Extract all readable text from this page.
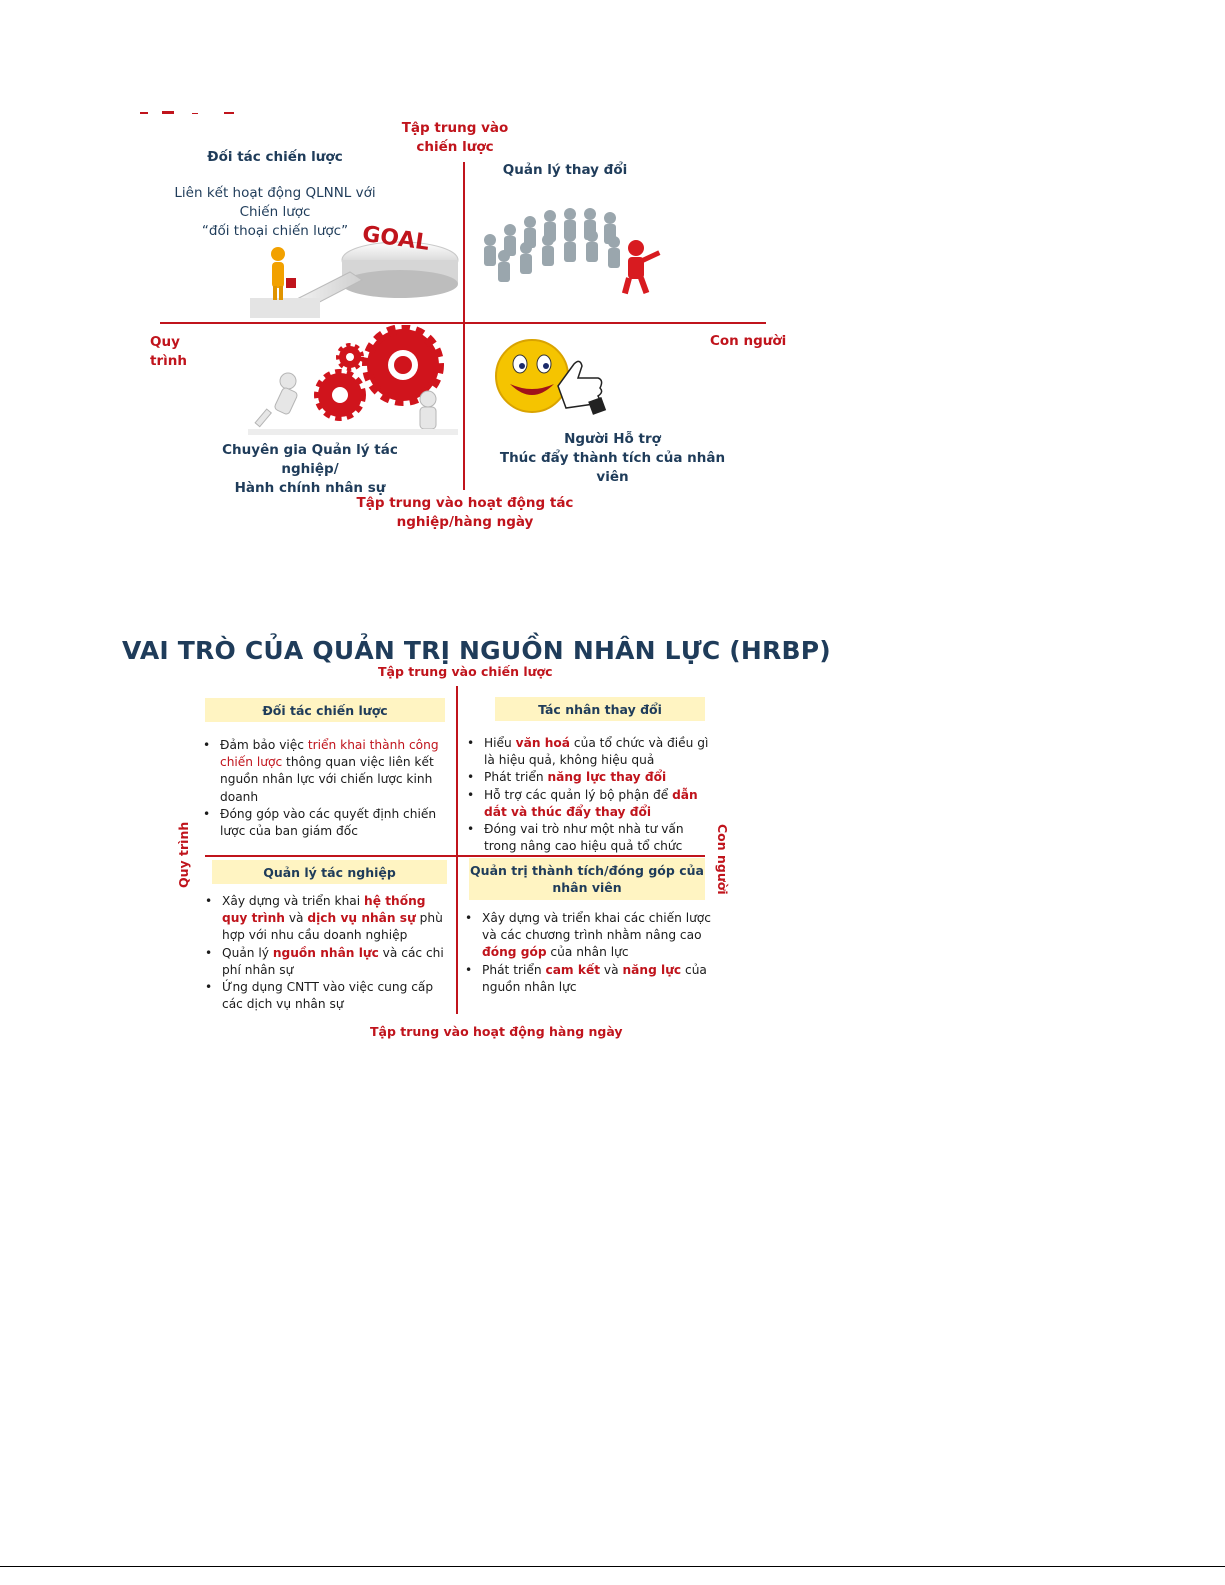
Tập trung vào
chiến lược
Đối tác chiến lược
Quản lý thay đổi
Liên kết hoạt động QLNNL với
Chiến lược
“đối thoại chiến lược” GOAL
Quy trình
Con người
Chuyên gia Quản lý tác nghiệp/
Hành chính nhân sự
Người Hỗ trợ
Thúc đẩy thành tích của nhân viên
Tập trung vào hoạt động tác
nghiệp/hàng ngày
VAI TRÒ CỦA QUẢN TRỊ NGUỒN NHÂN LỰC (HRBP)
Tập trung vào chiến lược
Quy trình	Con người
Đối tác chiến lược
• Đảm bảo việc triển khai thành công chiến lược thông quan việc liên kết nguồn nhân lực với chiến lược kinh doanh
• Đóng góp vào các quyết định chiến lược của ban giám đốc
Tác nhân thay đổi
• Hiểu văn hoá của tổ chức và điều gì là hiệu quả, không hiệu quả
• Phát triển năng lực thay đổi
• Hỗ trợ các quản lý bộ phận để dẫn dắt và thúc đẩy thay đổi
• Đóng vai trò như một nhà tư vấn trong nâng cao hiệu quả tổ chức
Quản lý tác nghiệp
• Xây dựng và triển khai hệ thống quy trình và dịch vụ nhân sự phù hợp với nhu cầu doanh nghiệp
• Quản lý nguồn nhân lực và các chi phí nhân sự
• Ứng dụng CNTT vào việc cung cấp các dịch vụ nhân sự
Quản trị thành tích/đóng góp của nhân viên
• Xây dựng và triển khai các chiến lược và các chương trình nhằm nâng cao đóng góp của nhân lực
• Phát triển cam kết và năng lực của nguồn nhân lực
Tập trung vào hoạt động hàng ngày
